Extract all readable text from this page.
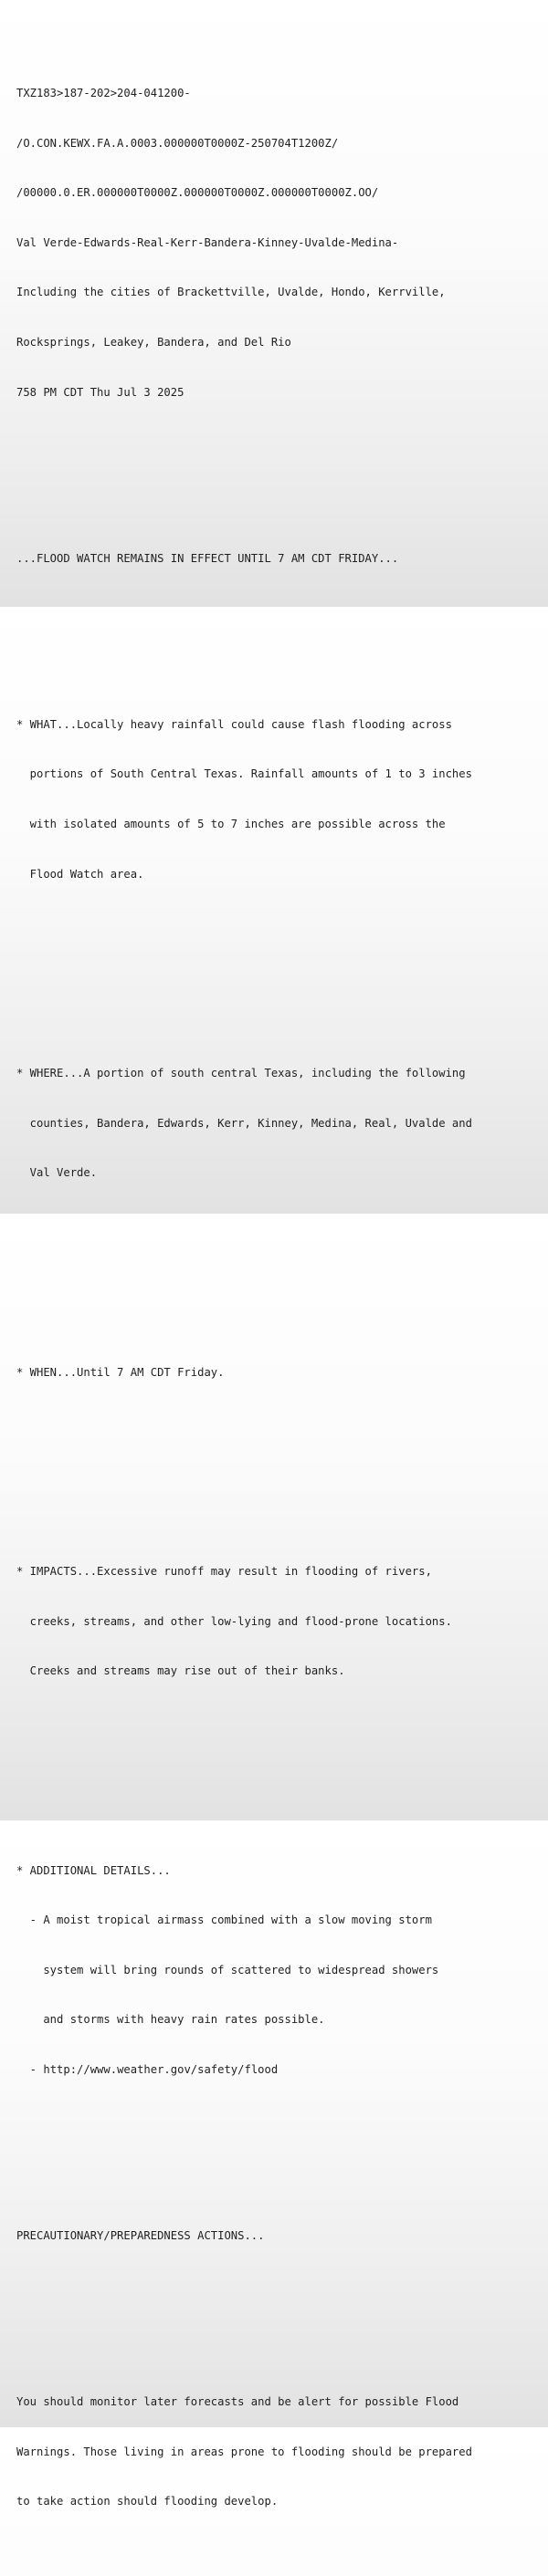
TXZ183>187-202>204-041200-

/O.CON.KEWX.FA.A.0003.000000T0000Z-250704T1200Z/

/00000.0.ER.000000T0000Z.000000T0000Z.000000T0000Z.OO/

Val Verde-Edwards-Real-Kerr-Bandera-Kinney-Uvalde-Medina-

Including the cities of Brackettville, Uvalde, Hondo, Kerrville,

Rocksprings, Leakey, Bandera, and Del Rio

758 PM CDT Thu Jul 3 2025

...FLOOD WATCH REMAINS IN EFFECT UNTIL 7 AM CDT FRIDAY...

* WHAT...Locally heavy rainfall could cause flash flooding across

portions of South Central Texas. Rainfall amounts of 1 to 3 inches

with isolated amounts of 5 to 7 inches are possible across the

Flood Watch area.

* WHERE...A portion of south central Texas, including the following

counties, Bandera, Edwards, Kerr, Kinney, Medina, Real, Uvalde and

Val Verde.

* WHEN...Until 7 AM CDT Friday.

* IMPACTS...Excessive runoff may result in flooding of rivers,

creeks, streams, and other low-lying and flood-prone locations.

Creeks and streams may rise out of their banks.

* ADDITIONAL DETAILS...

- A moist tropical airmass combined with a slow moving storm

system will bring rounds of scattered to widespread showers

and storms with heavy rain rates possible.

- http://www.weather.gov/safety/flood

PRECAUTIONARY/PREPAREDNESS ACTIONS...

You should monitor later forecasts and be alert for possible Flood

Warnings. Those living in areas prone to flooding should be prepared

to take action should flooding develop.
